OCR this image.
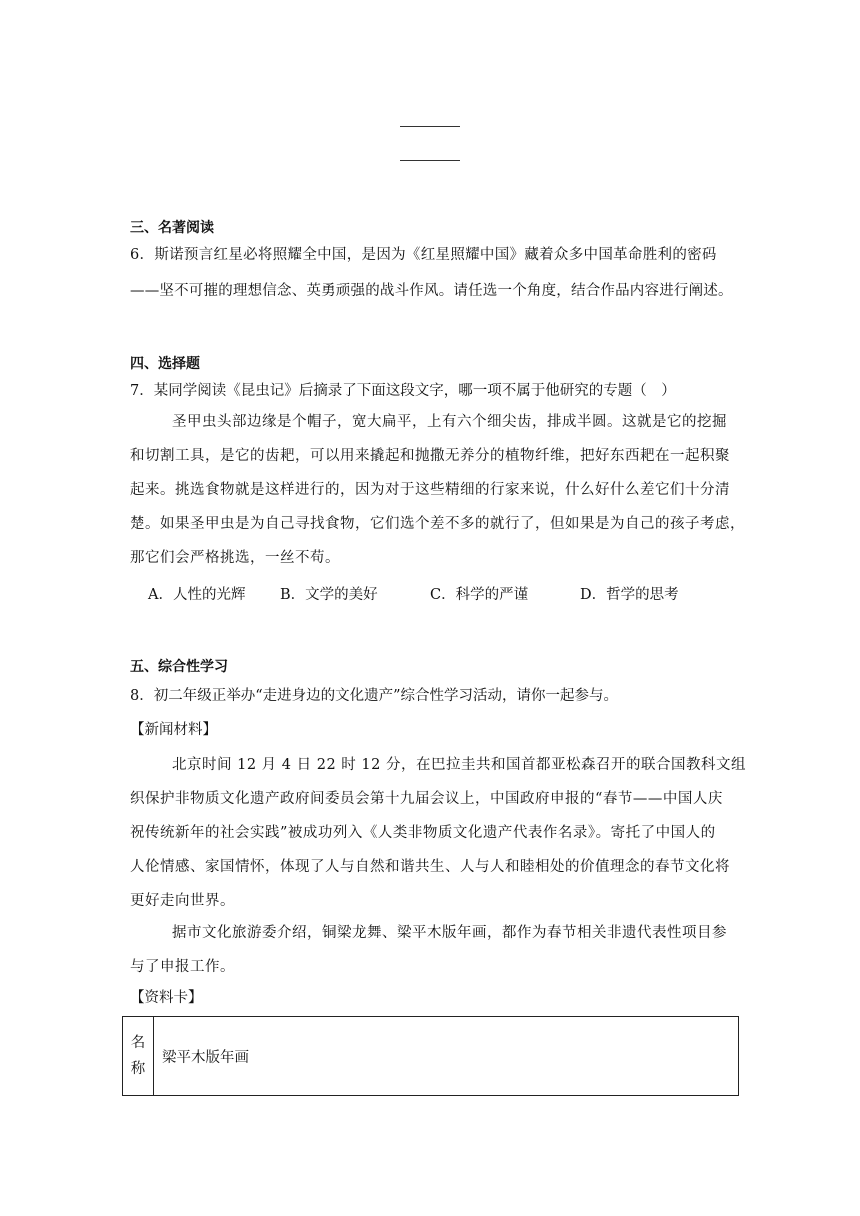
三、名著阅读
6．斯诺预言红星必将照耀全中国，是因为《红星照耀中国》藏着众多中国革命胜利的密码
——坚不可摧的理想信念、英勇顽强的战斗作风。请任选一个角度，结合作品内容进行阐述。
四、选择题
7．某同学阅读《昆虫记》后摘录了下面这段文字，哪一项不属于他研究的专题（　）
圣甲虫头部边缘是个帽子，宽大扁平，上有六个细尖齿，排成半圆。这就是它的挖掘
和切割工具，是它的齿耙，可以用来撬起和抛撒无养分的植物纤维，把好东西耙在一起积聚
起来。挑选食物就是这样进行的，因为对于这些精细的行家来说，什么好什么差它们十分清
楚。如果圣甲虫是为自己寻找食物，它们选个差不多的就行了，但如果是为自己的孩子考虑，
那它们会严格挑选，一丝不苟。
A．人性的光辉 B．文学的美好	C．科学的严谨	D．哲学的思考
五、综合性学习
8．初二年级正举办“走进身边的文化遗产”综合性学习活动，请你一起参与。
【新闻材料】
北京时间 12 月 4 日 22 时 12 分，在巴拉圭共和国首都亚松森召开的联合国教科文组
织保护非物质文化遗产政府间委员会第十九届会议上，中国政府申报的“春节——中国人庆
祝传统新年的社会实践”被成功列入《人类非物质文化遗产代表作名录》。寄托了中国人的
人伦情感、家国情怀，体现了人与自然和谐共生、人与人和睦相处的价值理念的春节文化将
更好走向世界。
据市文化旅游委介绍，铜梁龙舞、梁平木版年画，都作为春节相关非遗代表性项目参
与了申报工作。
【资料卡】
名
称	梁平木版年画
